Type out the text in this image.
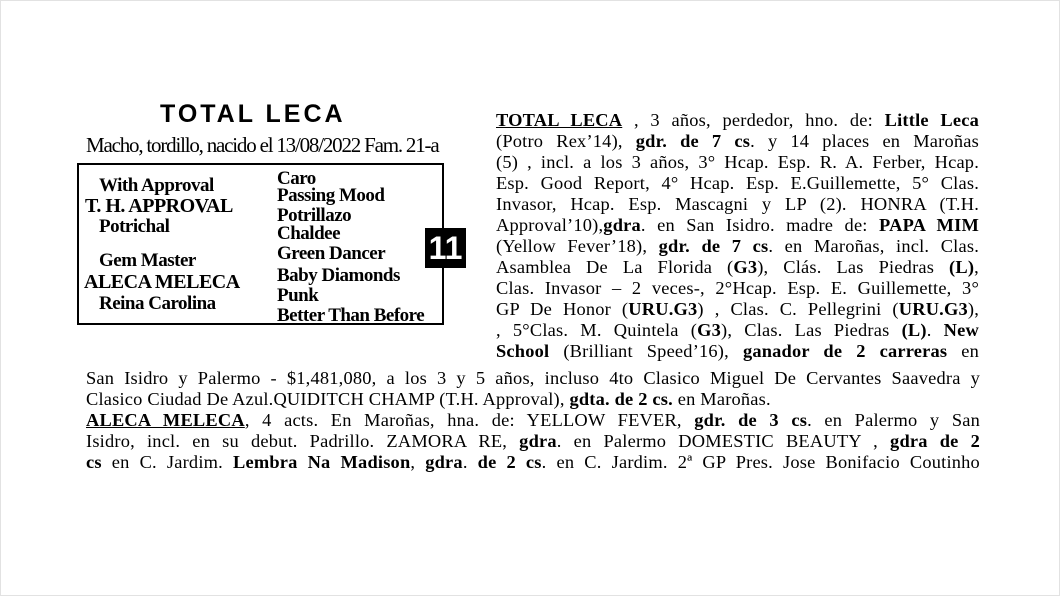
TOTAL LECA
Macho, tordillo, nacido el 13/08/2022 Fam. 21-a
With Approval
T. H. APPROVAL
Potrichal
Gem Master
ALECA MELECA
Reina Carolina
Caro
Passing Mood
Potrillazo
Chaldee
Green Dancer
Baby Diamonds
Punk
Better Than Before
11
TOTAL LECA , 3 años, perdedor, hno. de: Little Leca
(Potro Rex’14), gdr. de 7 cs. y 14 places en Maroñas
(5) , incl. a los 3 años, 3° Hcap. Esp. R. A. Ferber, Hcap.
Esp. Good Report, 4° Hcap. Esp. E.Guillemette, 5° Clas.
Invasor, Hcap. Esp. Mascagni y LP (2). HONRA (T.H.
Approval’10),gdra. en San Isidro. madre de: PAPA MIM
(Yellow Fever’18), gdr. de 7 cs. en Maroñas, incl. Clas.
Asamblea De La Florida (G3), Clás. Las Piedras (L),
Clas. Invasor – 2 veces-, 2°Hcap. Esp. E. Guillemette, 3°
GP De Honor (URU.G3) , Clas. C. Pellegrini (URU.G3),
, 5°Clas. M. Quintela (G3), Clas. Las Piedras (L). New
School (Brilliant Speed’16), ganador de 2 carreras en
San Isidro y Palermo - $1,481,080, a los 3 y 5 años, incluso 4to Clasico Miguel De Cervantes Saavedra y
Clasico Ciudad De Azul.QUIDITCH CHAMP (T.H. Approval), gdta. de 2 cs. en Maroñas.
ALECA MELECA, 4 acts. En Maroñas, hna. de: YELLOW FEVER, gdr. de 3 cs. en Palermo y San
Isidro, incl. en su debut. Padrillo. ZAMORA RE, gdra. en Palermo DOMESTIC BEAUTY , gdra de 2
cs en C. Jardim. Lembra Na Madison, gdra. de 2 cs. en C. Jardim. 2ª GP Pres. Jose Bonifacio Coutinho
